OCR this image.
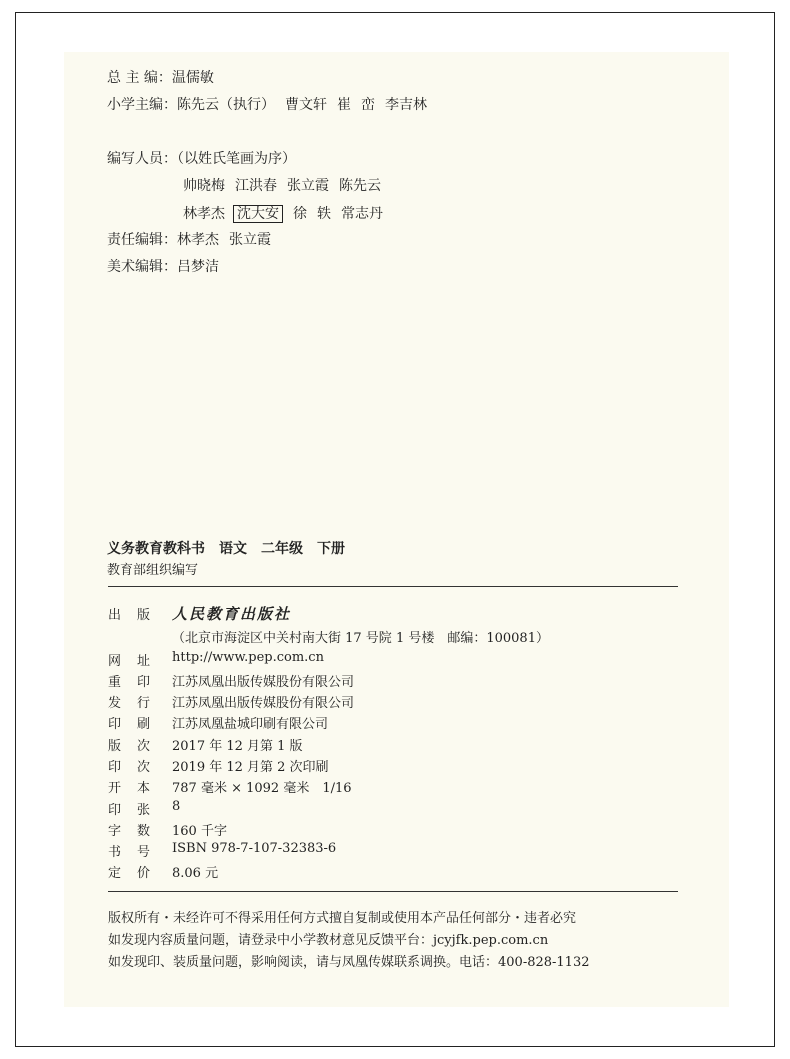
总 主 编：温儒敏
小学主编：陈先云（执行） 曹文轩 崔 峦 李吉林
编写人员：（以姓氏笔画为序）
帅晓梅 江洪春 张立霞 陈先云
林孝杰 沈大安 徐 轶 常志丹
责任编辑：林孝杰 张立霞
美术编辑：吕梦洁
义务教育教科书　语文　二年级　下册
教育部组织编写
出版 人民教育出版社
（北京市海淀区中关村南大街 17 号院 1 号楼　邮编：100081）
网址 http://www.pep.com.cn
重印 江苏凤凰出版传媒股份有限公司
发行 江苏凤凰出版传媒股份有限公司
印刷 江苏凤凰盐城印刷有限公司
版次 2017 年 12 月第 1 版
印次 2019 年 12 月第 2 次印刷
开本 787 毫米 × 1092 毫米　1/16
印张 8
字数 160 千字
书号 ISBN 978-7-107-32383-6
定价 8.06 元
版权所有・未经许可不得采用任何方式擅自复制或使用本产品任何部分・违者必究
如发现内容质量问题，请登录中小学教材意见反馈平台：jcyjfk.pep.com.cn
如发现印、装质量问题，影响阅读，请与凤凰传媒联系调换。电话：400-828-1132
